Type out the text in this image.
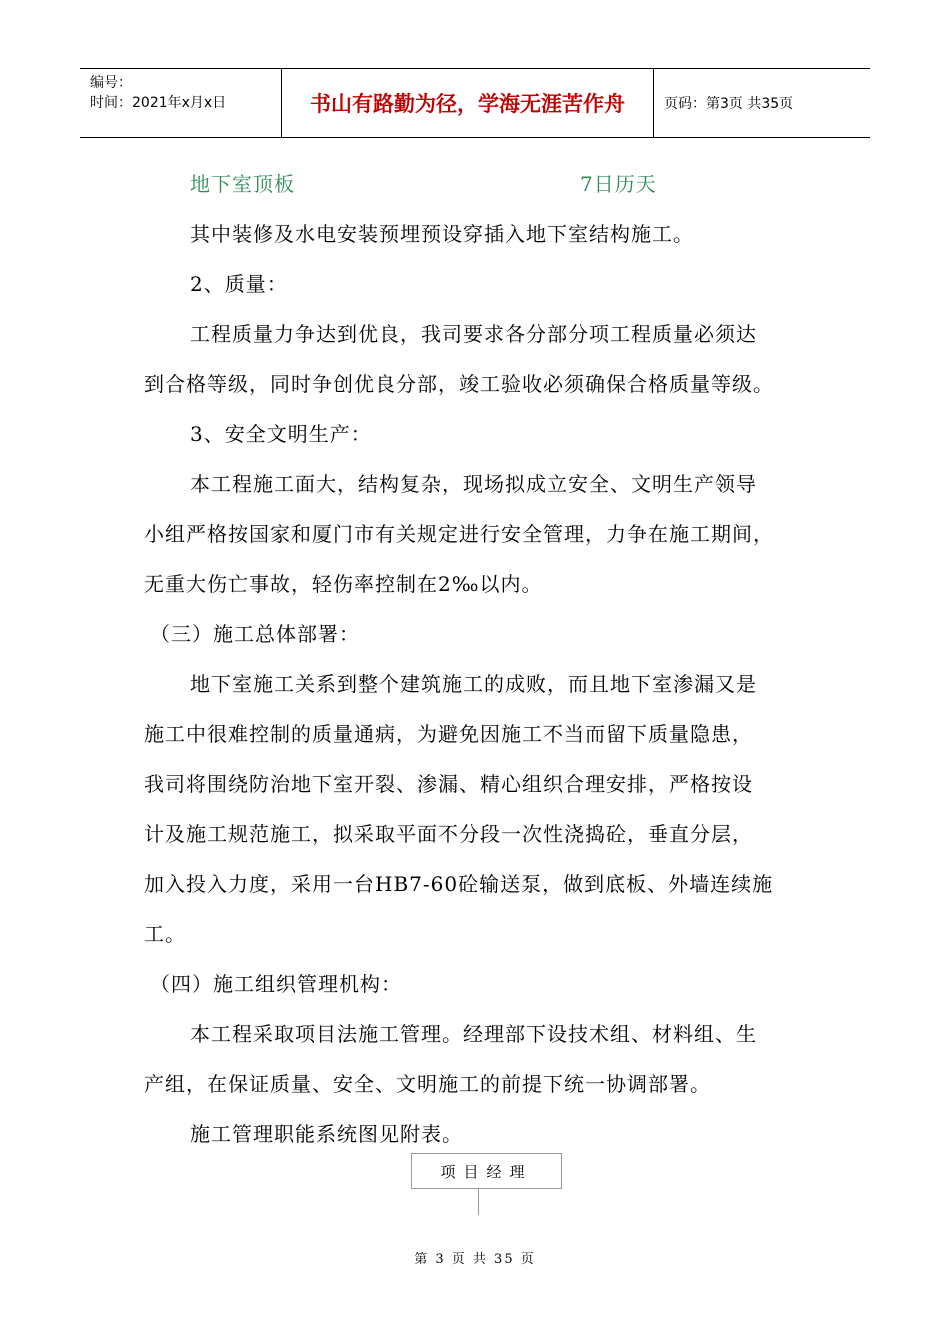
编号：
时间：2021年x月x日	书山有路勤为径，学海无涯苦作舟	页码：第3页 共35页
地下室顶板	7日历天
其中装修及水电安装预埋预设穿插入地下室结构施工。
2、质量：
工程质量力争达到优良，我司要求各分部分项工程质量必须达
到合格等级，同时争创优良分部，竣工验收必须确保合格质量等级。
3、安全文明生产：
本工程施工面大，结构复杂，现场拟成立安全、文明生产领导
小组严格按国家和厦门市有关规定进行安全管理，力争在施工期间，
无重大伤亡事故，轻伤率控制在2‰以内。
（三）施工总体部署：
地下室施工关系到整个建筑施工的成败，而且地下室渗漏又是
施工中很难控制的质量通病，为避免因施工不当而留下质量隐患，
我司将围绕防治地下室开裂、渗漏、精心组织合理安排，严格按设
计及施工规范施工，拟采取平面不分段一次性浇捣砼，垂直分层，
加入投入力度，采用一台HB7-60砼输送泵，做到底板、外墙连续施
工。
（四）施工组织管理机构：
本工程采取项目法施工管理。经理部下设技术组、材料组、生
产组，在保证质量、安全、文明施工的前提下统一协调部署。
施工管理职能系统图见附表。
项目经理
第 3 页 共 35 页
